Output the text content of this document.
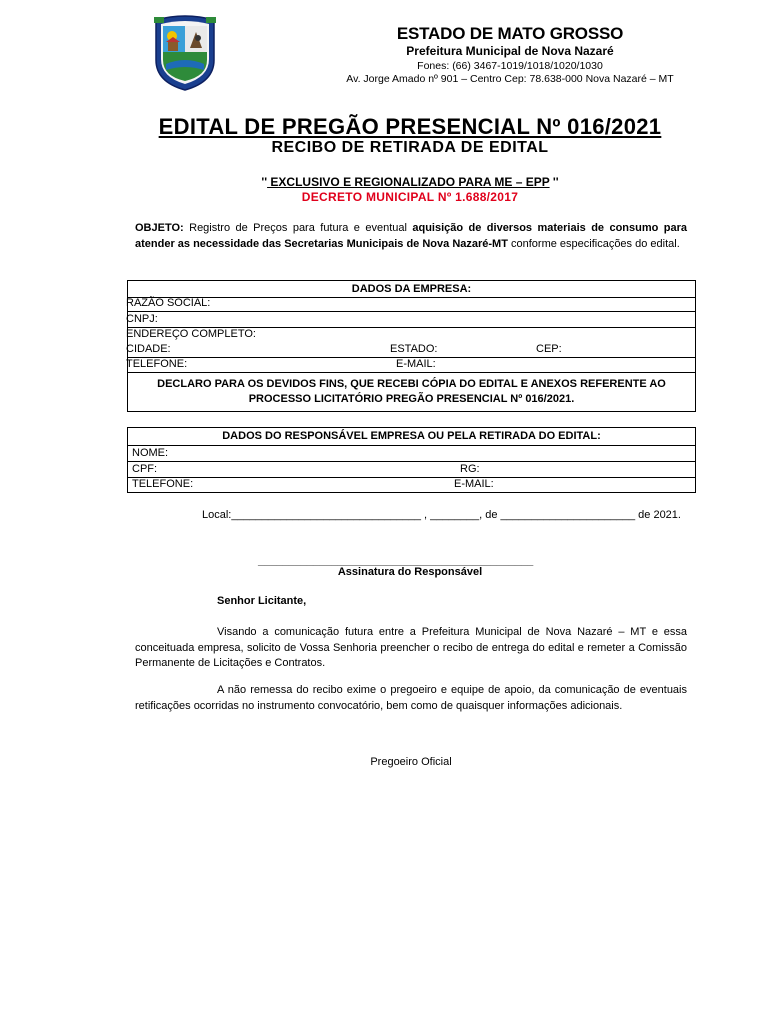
ESTADO DE MATO GROSSO
Prefeitura Municipal de Nova Nazaré
Fones: (66) 3467-1019/1018/1020/1030
Av. Jorge Amado nº 901 – Centro Cep: 78.638-000 Nova Nazaré – MT
EDITAL DE PREGÃO PRESENCIAL Nº 016/2021
RECIBO DE RETIRADA DE EDITAL
'' EXCLUSIVO E REGIONALIZADO PARA ME – EPP ''
DECRETO MUNICIPAL Nº 1.688/2017
OBJETO: Registro de Preços para futura e eventual aquisição de diversos materiais de consumo para atender as necessidade das Secretarias Municipais de Nova Nazaré-MT conforme especificações do edital.
DADOS DA EMPRESA:
RAZÃO SOCIAL:
CNPJ:
ENDEREÇO COMPLETO:
CIDADE:	ESTADO:	CEP:
TELEFONE:	E-MAIL:
DECLARO PARA OS DEVIDOS FINS, QUE RECEBI CÓPIA DO EDITAL E ANEXOS REFERENTE AO
PROCESSO LICITATÓRIO PREGÃO PRESENCIAL Nº 016/2021.
DADOS DO RESPONSÁVEL EMPRESA OU PELA RETIRADA DO EDITAL:
NOME:
CPF:	RG:
TELEFONE:	E-MAIL:
Local:_______________________________ , ________, de ______________________ de 2021.
_____________________________________________
Assinatura do Responsável
Senhor Licitante,
Visando a comunicação futura entre a Prefeitura Municipal de Nova Nazaré – MT e essa conceituada empresa, solicito de Vossa Senhoria preencher o recibo de entrega do edital e remeter a Comissão Permanente de Licitações e Contratos.
A não remessa do recibo exime o pregoeiro e equipe de apoio, da comunicação de eventuais retificações ocorridas no instrumento convocatório, bem como de quaisquer informações adicionais.
Pregoeiro Oficial
